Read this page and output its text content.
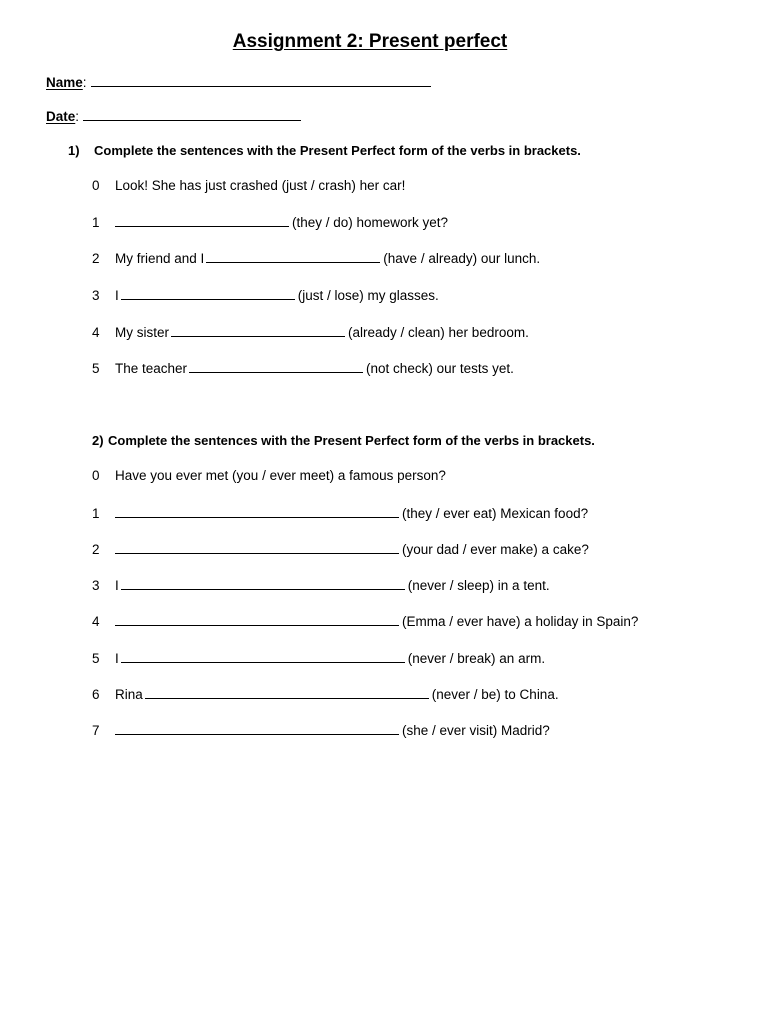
Assignment 2: Present perfect
Name:
Date:
1) Complete the sentences with the Present Perfect form of the verbs in brackets.
0 Look! She has just crashed (just / crash) her car!
1	(they / do) homework yet?
2 My friend and I	(have / already) our lunch.
3 I	(just / lose) my glasses.
4 My sister	(already / clean) her bedroom.
5 The teacher	(not check) our tests yet.
2) Complete the sentences with the Present Perfect form of the verbs in brackets.
0 Have you ever met (you / ever meet) a famous person?
1	(they / ever eat) Mexican food?
2	(your dad / ever make) a cake?
3 I	(never / sleep) in a tent.
4	(Emma / ever have) a holiday in Spain?
5 I	(never / break) an arm.
6 Rina	(never / be) to China.
7	(she / ever visit) Madrid?
